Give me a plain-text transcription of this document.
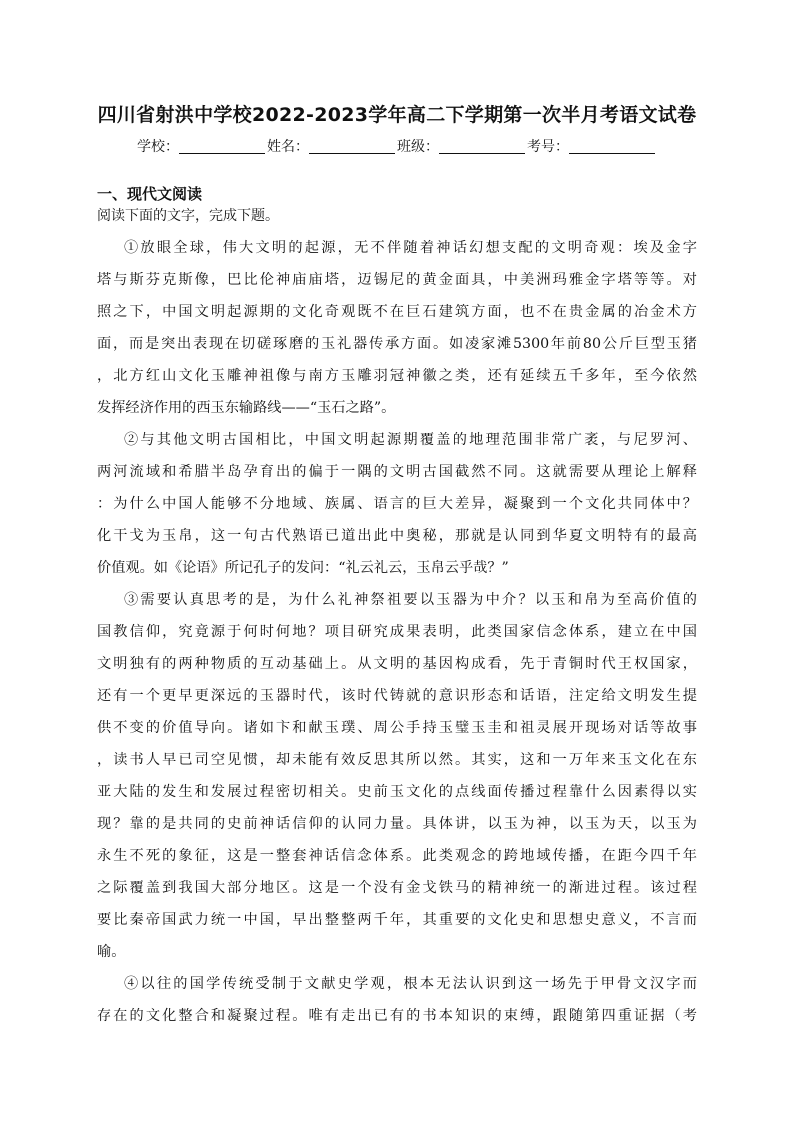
四川省射洪中学校2022-2023学年高二下学期第一次半月考语文试卷
学校：	姓名：	班级：	考号：
一、现代文阅读
阅读下面的文字，完成下题。
①放眼全球，伟大文明的起源，无不伴随着神话幻想支配的文明奇观：埃及金字
塔与斯芬克斯像，巴比伦神庙庙塔，迈锡尼的黄金面具，中美洲玛雅金字塔等等。对
照之下，中国文明起源期的文化奇观既不在巨石建筑方面，也不在贵金属的冶金术方
面，而是突出表现在切磋琢磨的玉礼器传承方面。如凌家滩5300年前80公斤巨型玉猪
，北方红山文化玉雕神祖像与南方玉雕羽冠神徽之类，还有延续五千多年，至今依然
发挥经济作用的西玉东输路线——“玉石之路”。
②与其他文明古国相比，中国文明起源期覆盖的地理范围非常广袤，与尼罗河、
两河流域和希腊半岛孕育出的偏于一隅的文明古国截然不同。这就需要从理论上解释
：为什么中国人能够不分地域、族属、语言的巨大差异，凝聚到一个文化共同体中？
化干戈为玉帛，这一句古代熟语已道出此中奥秘，那就是认同到华夏文明特有的最高
价值观。如《论语》所记孔子的发问：“礼云礼云，玉帛云乎哉？”
③需要认真思考的是，为什么礼神祭祖要以玉器为中介？以玉和帛为至高价值的
国教信仰，究竟源于何时何地？项目研究成果表明，此类国家信念体系，建立在中国
文明独有的两种物质的互动基础上。从文明的基因构成看，先于青铜时代王权国家，
还有一个更早更深远的玉器时代，该时代铸就的意识形态和话语，注定给文明发生提
供不变的价值导向。诸如卞和献玉璞、周公手持玉璧玉圭和祖灵展开现场对话等故事
，读书人早已司空见惯，却未能有效反思其所以然。其实，这和一万年来玉文化在东
亚大陆的发生和发展过程密切相关。史前玉文化的点线面传播过程靠什么因素得以实
现？靠的是共同的史前神话信仰的认同力量。具体讲，以玉为神，以玉为天，以玉为
永生不死的象征，这是一整套神话信念体系。此类观念的跨地域传播，在距今四千年
之际覆盖到我国大部分地区。这是一个没有金戈铁马的精神统一的渐进过程。该过程
要比秦帝国武力统一中国，早出整整两千年，其重要的文化史和思想史意义，不言而
喻。
④以往的国学传统受制于文献史学观，根本无法认识到这一场先于甲骨文汉字而
存在的文化整合和凝聚过程。唯有走出已有的书本知识的束缚，跟随第四重证据（考
